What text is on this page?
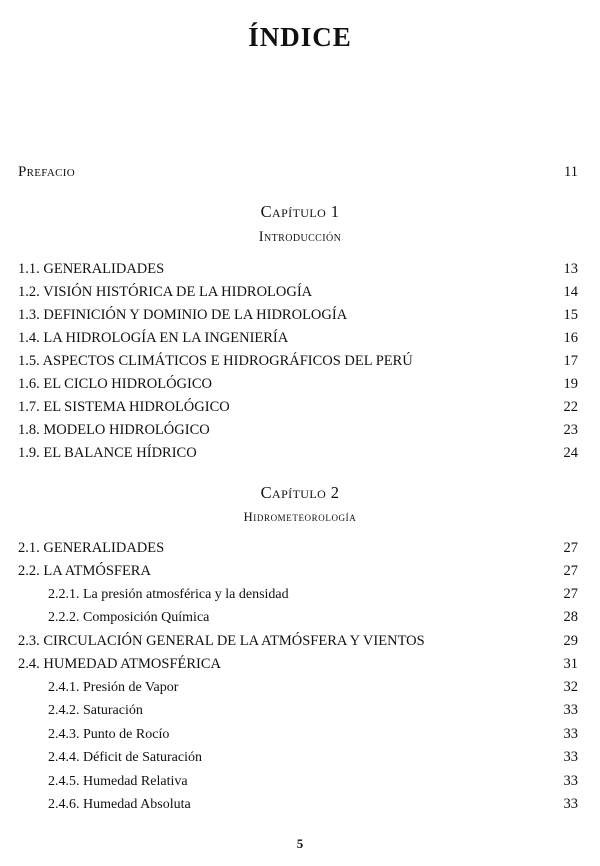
ÍNDICE
Prefacio	11
Capítulo 1
Introducción
1.1. GENERALIDADES	13
1.2. VISIÓN HISTÓRICA DE LA HIDROLOGÍA	14
1.3. DEFINICIÓN Y DOMINIO DE LA HIDROLOGÍA	15
1.4. LA HIDROLOGÍA EN LA INGENIERÍA	16
1.5. ASPECTOS CLIMÁTICOS E HIDROGRÁFICOS DEL PERÚ	17
1.6. EL CICLO HIDROLÓGICO	19
1.7. EL SISTEMA HIDROLÓGICO	22
1.8. MODELO HIDROLÓGICO	23
1.9. EL BALANCE HÍDRICO	24
Capítulo 2
Hidrometeorología
2.1. GENERALIDADES	27
2.2. LA ATMÓSFERA	27
2.2.1. La presión atmosférica y la densidad	27
2.2.2. Composición Química	28
2.3. CIRCULACIÓN GENERAL DE LA ATMÓSFERA Y VIENTOS	29
2.4. HUMEDAD ATMOSFÉRICA	31
2.4.1. Presión de Vapor	32
2.4.2. Saturación	33
2.4.3. Punto de Rocío	33
2.4.4. Déficit de Saturación	33
2.4.5. Humedad Relativa	33
2.4.6. Humedad Absoluta	33
5
